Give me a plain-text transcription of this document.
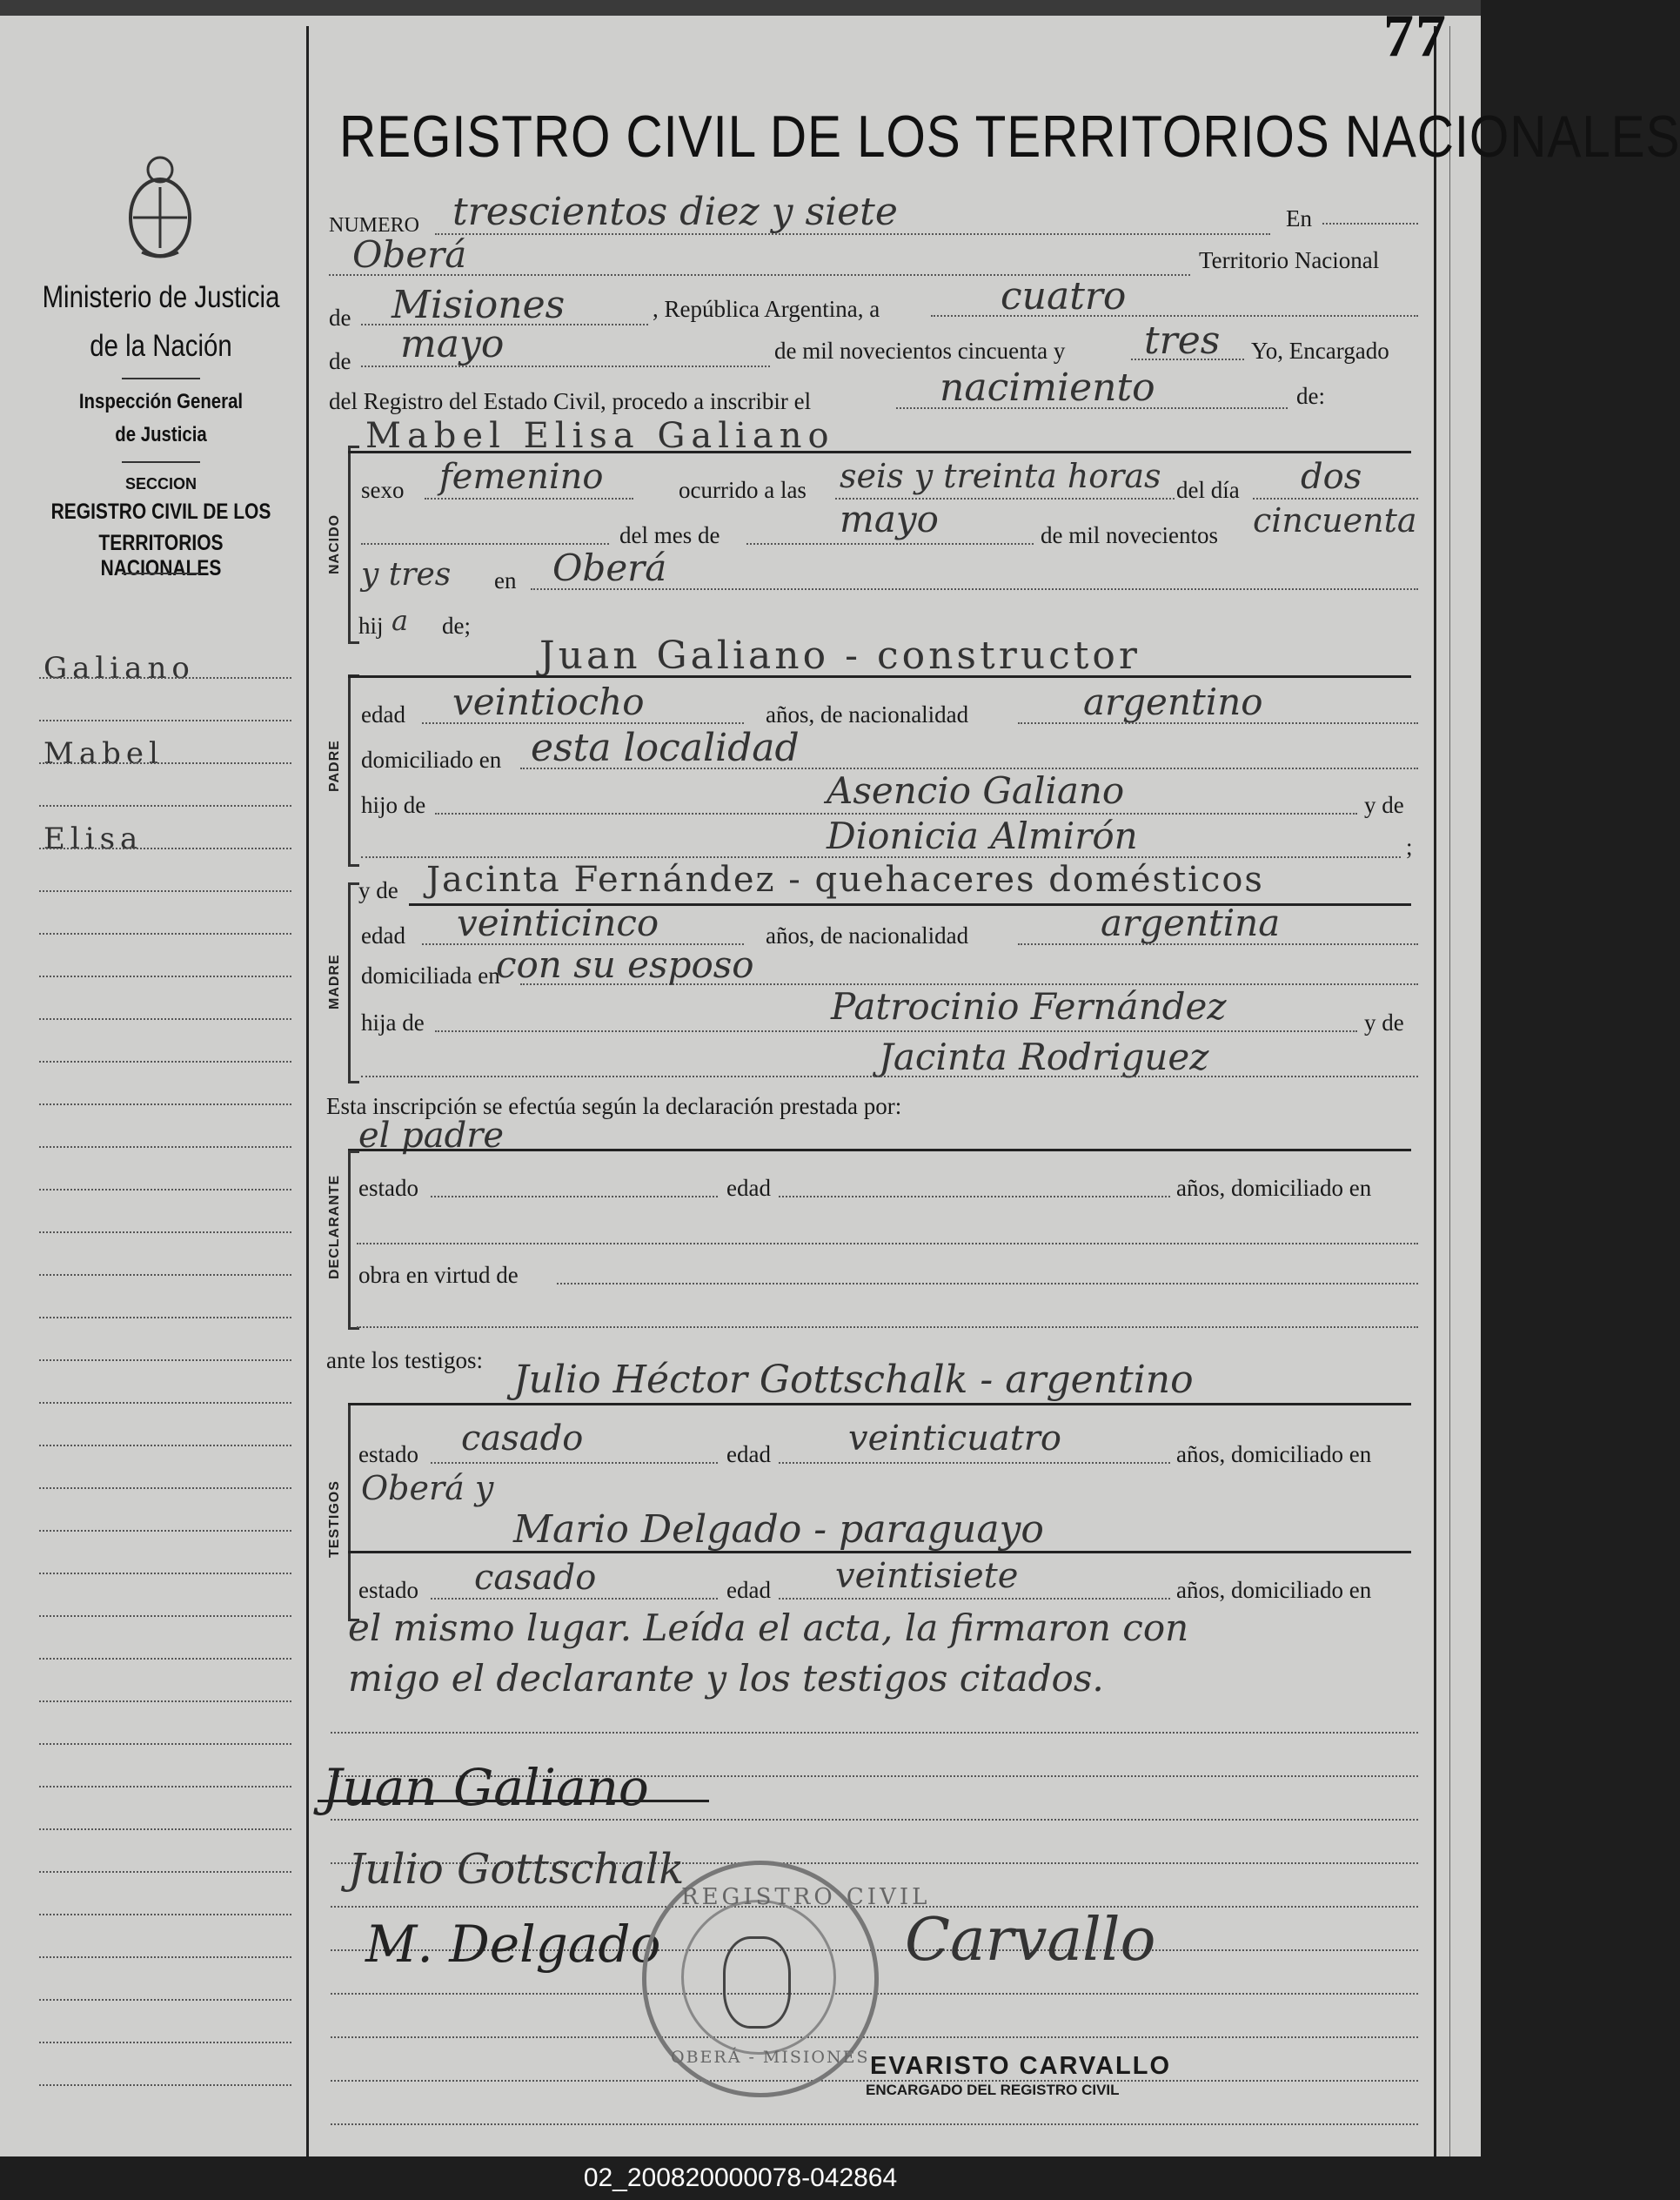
77
Ministerio de Justicia
de la Nación
Inspección General
de Justicia
SECCION
REGISTRO CIVIL DE LOS
TERRITORIOS NACIONALES
Galiano
Mabel
Elisa
REGISTRO CIVIL DE LOS TERRITORIOS NACIONALES
NUMERO trescientos diez y siete	En
Oberá	Territorio Nacional
de Misiones	, República Argentina, a	cuatro
de mayo	de mil novecientos cincuenta y tres Yo, Encargado
del Registro del Estado Civil, procedo a inscribir el	nacimiento	de:
NACIDO
Mabel Elisa Galiano
sexo femenino	ocurrido a las seis y treinta horas del día dos
del mes de	mayo	de mil novecientos cincuenta
y tres en Oberá
hij a de;
PADRE
Juan Galiano - constructor
edad veintiocho	años, de nacionalidad	argentino
domiciliado en esta localidad
hijo de	Asencio Galiano	y de
Dionicia Almirón	;
MADRE
y de Jacinta Fernández - quehaceres domésticos
edad veinticinco	años, de nacionalidad	argentina
domiciliada en
con su esposo
hija de	Patrocinio Fernández	y de
Jacinta Rodriguez
Esta inscripción se efectúa según la declaración prestada por:
el padre
DECLARANTE estado	edad	años, domiciliado en
obra en virtud de
ante los testigos:
TESTIGOS
Julio Héctor Gottschalk - argentino
estado casado	edad veinticuatro	años, domiciliado en
Oberá y
Mario Delgado - paraguayo
estado casado	edad veintisiete	años, domiciliado en
el mismo lugar. Leída el acta, la firmaron con
migo el declarante y los testigos citados.
Juan Galiano
Julio Gottschalk
M. Delgado	Carvallo
REGISTRO CIVIL
OBERÁ - MISIONES EVARISTO CARVALLO
ENCARGADO DEL REGISTRO CIVIL
02_200820000078-042864
